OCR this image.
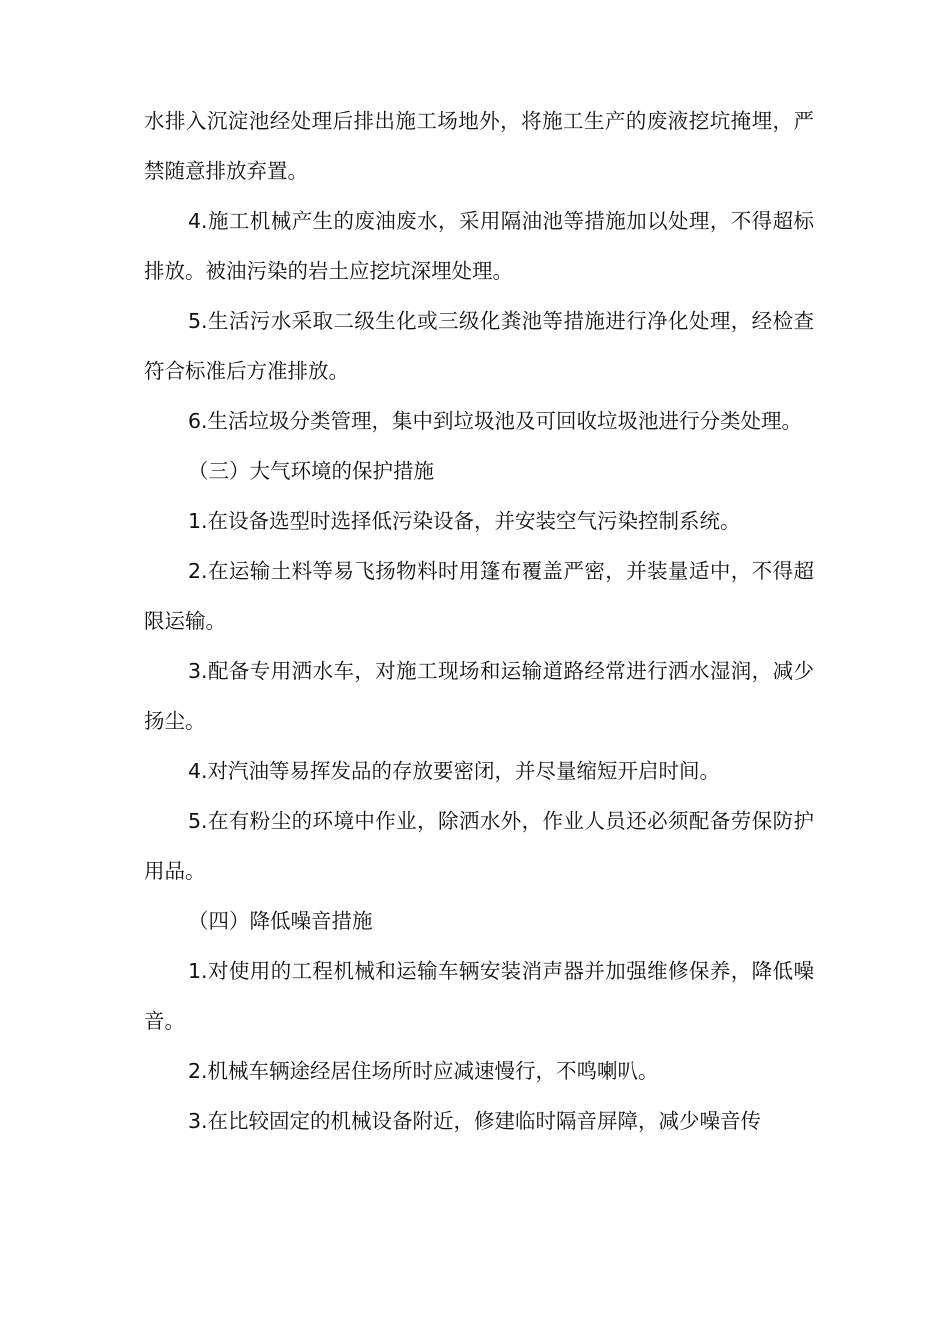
水排入沉淀池经处理后排出施工场地外，将施工生产的废液挖坑掩埋，严禁随意排放弃置。

4.施工机械产生的废油废水，采用隔油池等措施加以处理，不得超标排放。被油污染的岩土应挖坑深埋处理。

5.生活污水采取二级生化或三级化粪池等措施进行净化处理，经检查符合标准后方准排放。

6.生活垃圾分类管理，集中到垃圾池及可回收垃圾池进行分类处理。

（三）大气环境的保护措施

1.在设备选型时选择低污染设备，并安装空气污染控制系统。

2.在运输土料等易飞扬物料时用篷布覆盖严密，并装量适中，不得超限运输。

3.配备专用洒水车，对施工现场和运输道路经常进行洒水湿润，减少扬尘。

4.对汽油等易挥发品的存放要密闭，并尽量缩短开启时间。

5.在有粉尘的环境中作业，除洒水外，作业人员还必须配备劳保防护用品。

（四）降低噪音措施

1.对使用的工程机械和运输车辆安装消声器并加强维修保养，降低噪音。

2.机械车辆途经居住场所时应减速慢行，不鸣喇叭。

3.在比较固定的机械设备附近，修建临时隔音屏障，减少噪音传
